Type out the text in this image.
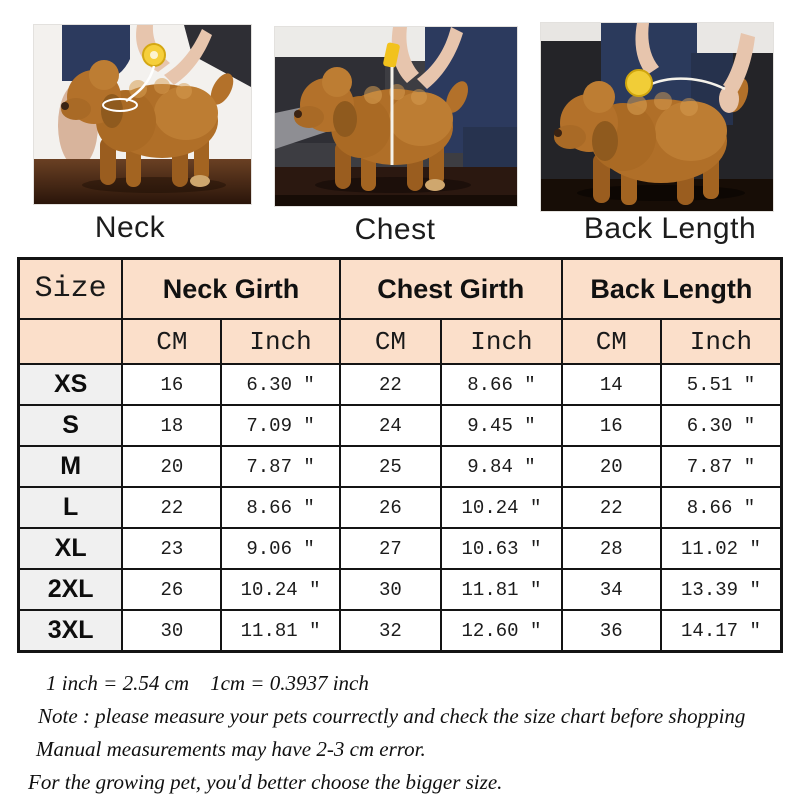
Neck	Chest	Back Length
Size	Neck Girth		Chest Girth		Back Length	
	CM	Inch	CM	Inch	CM	Inch
XS	16	6.30 ″	22	8.66 ″	14	5.51 ″
S	18	7.09 ″	24	9.45 ″	16	6.30 ″
M	20	7.87 ″	25	9.84 ″	20	7.87 ″
L	22	8.66 ″	26	10.24 ″	22	8.66 ″
XL	23	9.06 ″	27	10.63 ″	28	11.02 ″
2XL	26	10.24 ″	30	11.81 ″	34	13.39 ″
3XL	30	11.81 ″	32	12.60 ″	36	14.17 ″

1 inch = 2.54 cm    1cm = 0.3937 inch

Note : please measure your pets courrectly and check the size chart before shopping

Manual measurements may have 2-3 cm error.

For the growing pet, you'd better choose the bigger size.
